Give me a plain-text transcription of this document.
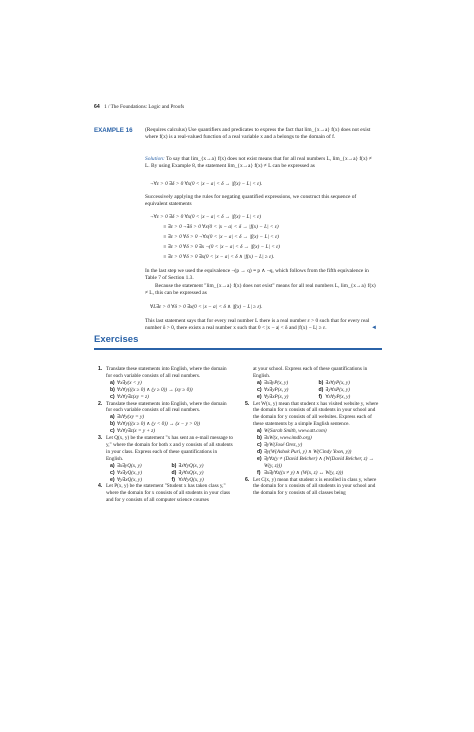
64 1 / The Foundations: Logic and Proofs
EXAMPLE 16 (Requires calculus) Use quantifiers and predicates to express the fact that lim_{x→a} f(x) does not exist where f(x) is a real-valued function of a real variable x and a belongs to the domain of f.
Solution: To say that lim_{x→a} f(x) does not exist means that for all real numbers L, lim_{x→a} f(x) ≠ L. By using Example 8, the statement lim_{x→a} f(x) ≠ L can be expressed as
¬∀ε > 0 ∃δ > 0 ∀x(0 < |x − a| < δ → |f(x) − L| < ε).
Successively applying the rules for negating quantified expressions, we construct this sequence of equivalent statements
¬∀ε > 0 ∃δ > 0 ∀x(0 < |x − a| < δ → |f(x) − L| < ε)
≡ ∃ε > 0 ¬∃δ > 0 ∀x(0 < |x − a| < δ → |f(x) − L| < ε)
≡ ∃ε > 0 ∀δ > 0 ¬∀x(0 < |x − a| < δ → |f(x) − L| < ε)
≡ ∃ε > 0 ∀δ > 0 ∃x ¬(0 < |x − a| < δ → |f(x) − L| < ε)
≡ ∃ε > 0 ∀δ > 0 ∃x(0 < |x − a| < δ ∧ |f(x) − L| ≥ ε).
In the last step we used the equivalence ¬(p → q) ≡ p ∧ ¬q, which follows from the fifth equivalence in Table 7 of Section 1.3.
Because the statement "lim_{x→a} f(x) does not exist" means for all real numbers L, lim_{x→a} f(x) ≠ L, this can be expressed as
∀L∃ε > 0 ∀δ > 0 ∃x(0 < |x − a| < δ ∧ |f(x) − L| ≥ ε).
This last statement says that for every real number L there is a real number ε > 0 such that for every real number δ > 0, there exists a real number x such that 0 < |x − a| < δ and |f(x) − L| ≥ ε.	◄
Exercises
1. Translate these statements into English, where the domain for each variable consists of all real numbers.
a) ∀x∃y(x < y)
b) ∀x∀y(((x ≥ 0) ∧ (y ≥ 0)) → (xy ≥ 0))
c) ∀x∀y∃z(xy = z)
2. Translate these statements into English, where the domain for each variable consists of all real numbers.
a) ∃x∀y(xy = y)
b) ∀x∀y(((x ≥ 0) ∧ (y < 0)) → (x − y > 0))
c) ∀x∀y∃z(x = y + z)
3. Let Q(x, y) be the statement "x has sent an e-mail message to y," where the domain for both x and y consists of all students in your class. Express each of these quantifications in English.
a) ∃x∃yQ(x, y)	b) ∃x∀yQ(x, y)
c) ∀x∃yQ(x, y)	d) ∃y∀xQ(x, y)
e) ∀y∃xQ(x, y)	f) ∀x∀yQ(x, y)
4. Let P(x, y) be the statement "Student x has taken class y," where the domain for x consists of all students in your class and for y consists of all computer science courses
at your school. Express each of these quantifications in English.
a) ∃x∃yP(x, y)	b) ∃x∀yP(x, y)
c) ∀x∃yP(x, y)	d) ∃y∀xP(x, y)
e) ∀y∃xP(x, y)	f) ∀x∀yP(x, y)
5. Let W(x, y) mean that student x has visited website y, where the domain for x consists of all students in your school and the domain for y consists of all websites. Express each of these statements by a simple English sentence.
a) W(Sarah Smith, www.att.com)
b) ∃xW(x, www.imdb.org)
c) ∃yW(José Orez, y)
d) ∃y(W(Ashok Puri, y) ∧ W(Cindy Yoon, y))
e) ∃y∀z(y ≠ (David Belcher) ∧ (W(David Belcher, z) → W(y, z)))
f) ∃x∃y∀z((x ≠ y) ∧ (W(x, z) ↔ W(y, z)))
6. Let C(x, y) mean that student x is enrolled in class y, where the domain for x consists of all students in your school and the domain for y consists of all classes being
